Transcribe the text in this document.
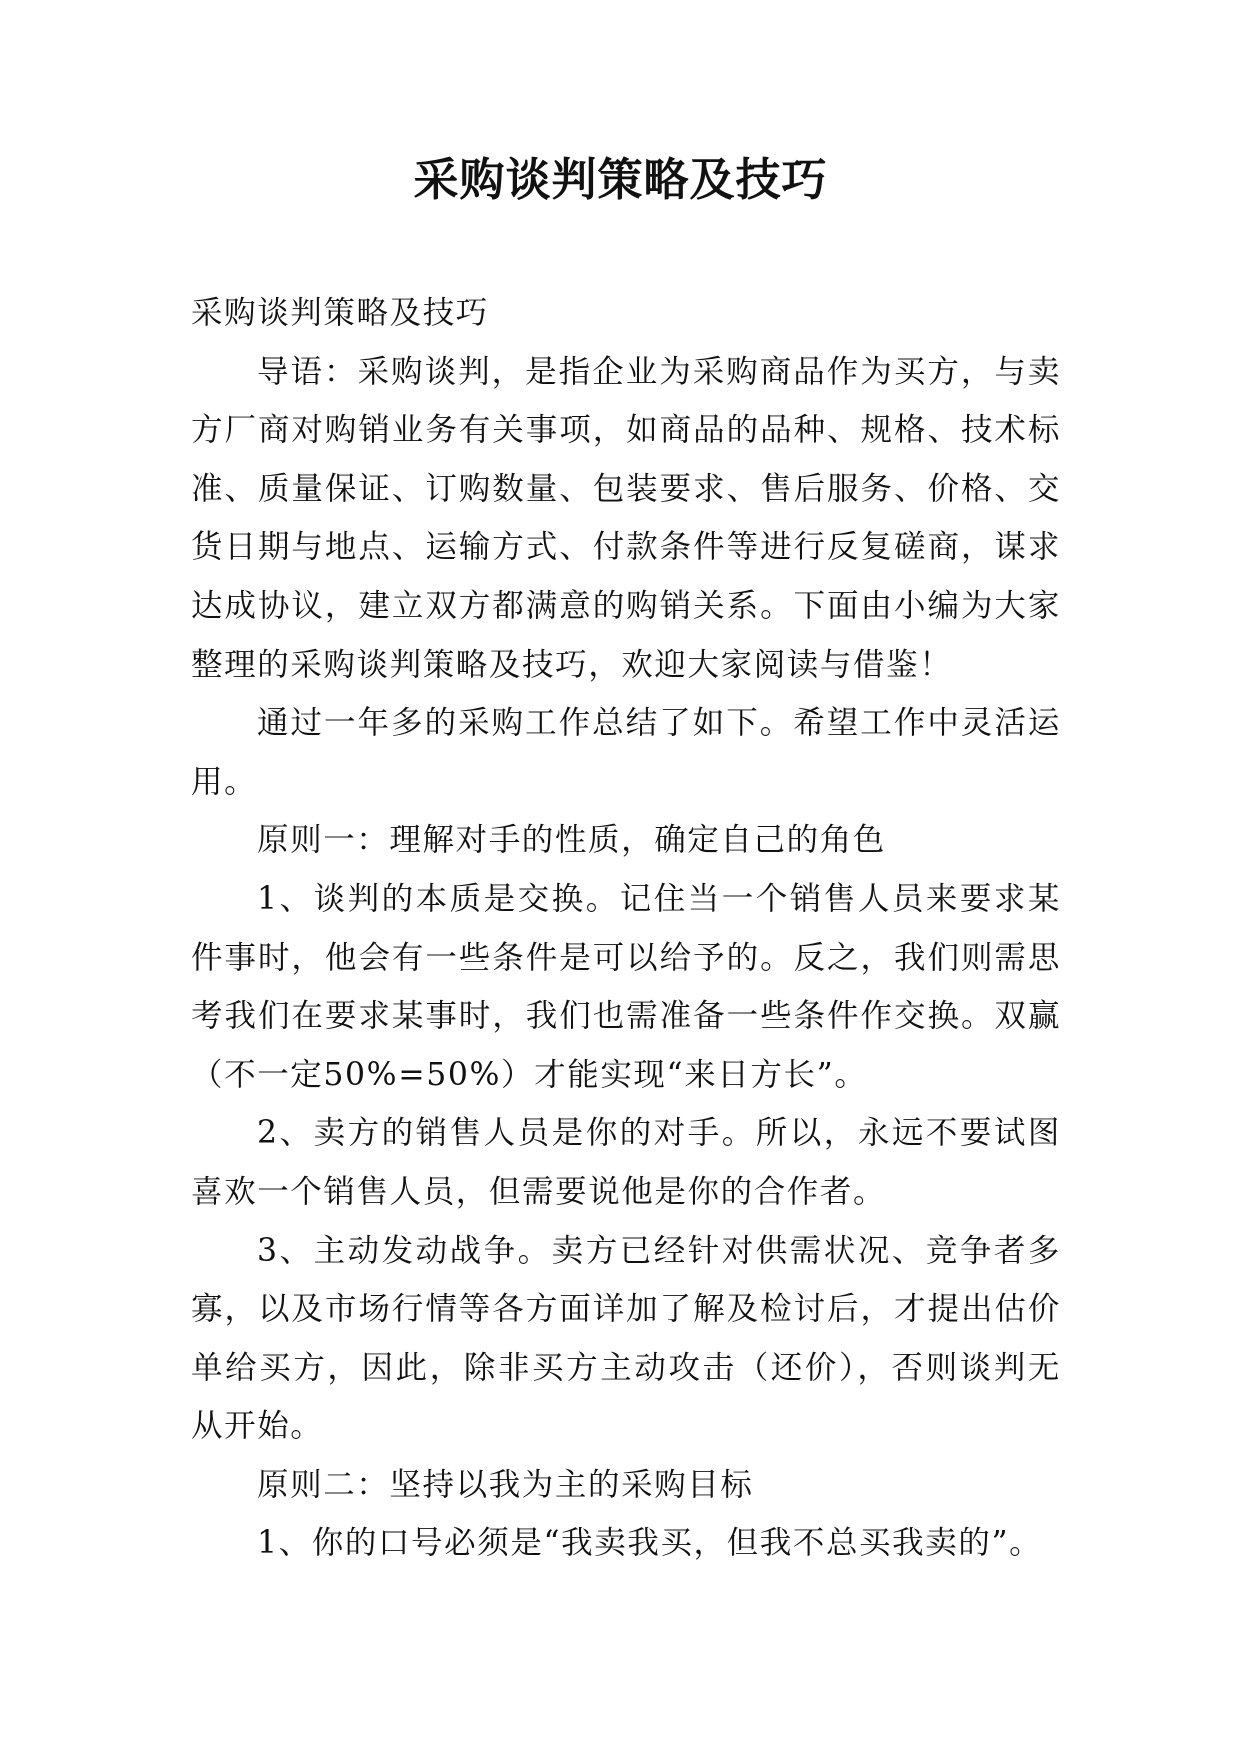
采购谈判策略及技巧

采购谈判策略及技巧

导语：采购谈判，是指企业为采购商品作为买方，与卖方厂商对购销业务有关事项，如商品的品种、规格、技术标准、质量保证、订购数量、包装要求、售后服务、价格、交货日期与地点、运输方式、付款条件等进行反复磋商，谋求达成协议，建立双方都满意的购销关系。下面由小编为大家整理的采购谈判策略及技巧，欢迎大家阅读与借鉴！

通过一年多的采购工作总结了如下。希望工作中灵活运用。

原则一：理解对手的性质，确定自己的角色

1、谈判的本质是交换。记住当一个销售人员来要求某件事时，他会有一些条件是可以给予的。反之，我们则需思考我们在要求某事时，我们也需准备一些条件作交换。双赢（不一定50%=50%）才能实现“来日方长”。

2、卖方的销售人员是你的对手。所以，永远不要试图喜欢一个销售人员，但需要说他是你的合作者。

3、主动发动战争。卖方已经针对供需状况、竞争者多寡，以及市场行情等各方面详加了解及检讨后，才提出估价单给买方，因此，除非买方主动攻击（还价），否则谈判无从开始。

原则二：坚持以我为主的采购目标

1、你的口号必须是“我卖我买，但我不总买我卖的”。
